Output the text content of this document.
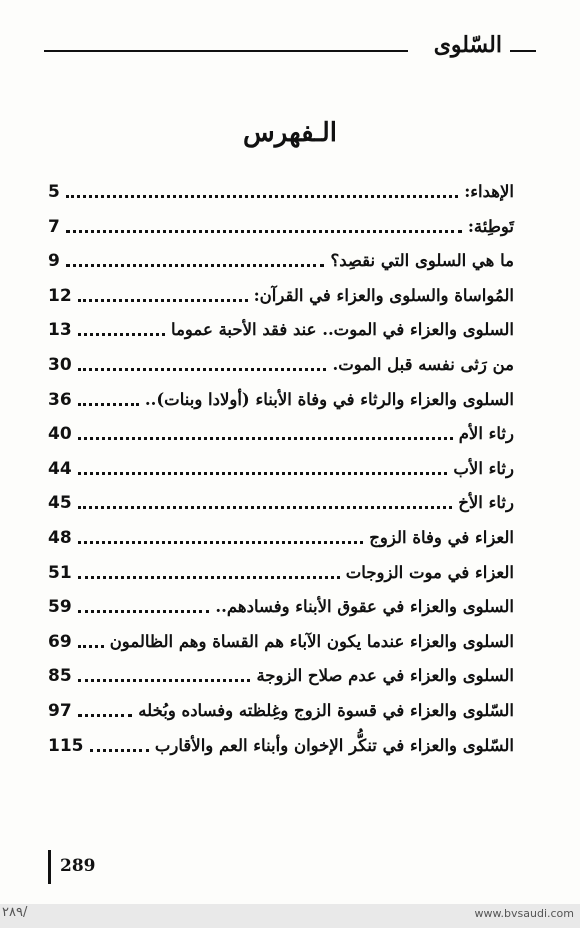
السّلوى
الـفهرس
الإهداء:
5
تَوطِئة:
7
ما هي السلوى التي نقصِد؟
9
المُواساة والسلوى والعزاء في القرآن:
12
السلوى والعزاء في الموت.. عند فقد الأحبة عموما
13
من رَثى نفسه قبل الموت.
30
السلوى والعزاء والرثاء في وفاة الأبناء (أولادا وبنات)..
36
رثاء الأم
40
رثاء الأب
44
رثاء الأخ
45
العزاء في وفاة الزوج
48
العزاء في موت الزوجات
51
السلوى والعزاء في عقوق الأبناء وفسادهم..
59
السلوى والعزاء عندما يكون الآباء هم القساة وهم الظالمون
69
السلوى والعزاء في عدم صلاح الزوجة
85
السّلوى والعزاء في قسوة الزوج وغِلظته وفساده وبُخله
97
السّلوى والعزاء في تنكُّر الإخوان وأبناء العم والأقارب
115
289
٢٨٩/	www.bvsaudi.com
